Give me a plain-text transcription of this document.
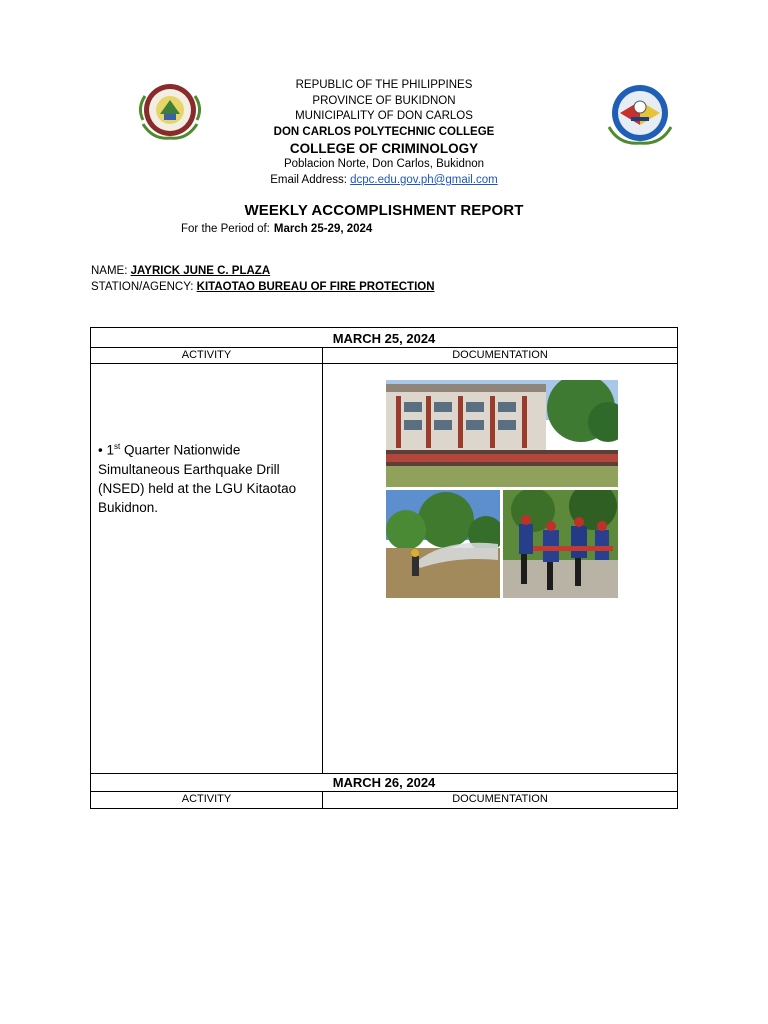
REPUBLIC OF THE PHILIPPINES
PROVINCE OF BUKIDNON
MUNICIPALITY OF DON CARLOS
DON CARLOS POLYTECHNIC COLLEGE
COLLEGE OF CRIMINOLOGY
Poblacion Norte, Don Carlos, Bukidnon
Email Address: dcpc.edu.gov.ph@gmail.com
WEEKLY ACCOMPLISHMENT REPORT
For the Period of: March 25-29, 2024
NAME: JAYRICK JUNE C. PLAZA
STATION/AGENCY: KITAOTAO BUREAU OF FIRE PROTECTION
MARCH 25, 2024
ACTIVITY	DOCUMENTATION
• 1st Quarter Nationwide Simultaneous Earthquake Drill (NSED) held at the LGU Kitaotao Bukidnon.
MARCH 26, 2024
ACTIVITY	DOCUMENTATION
